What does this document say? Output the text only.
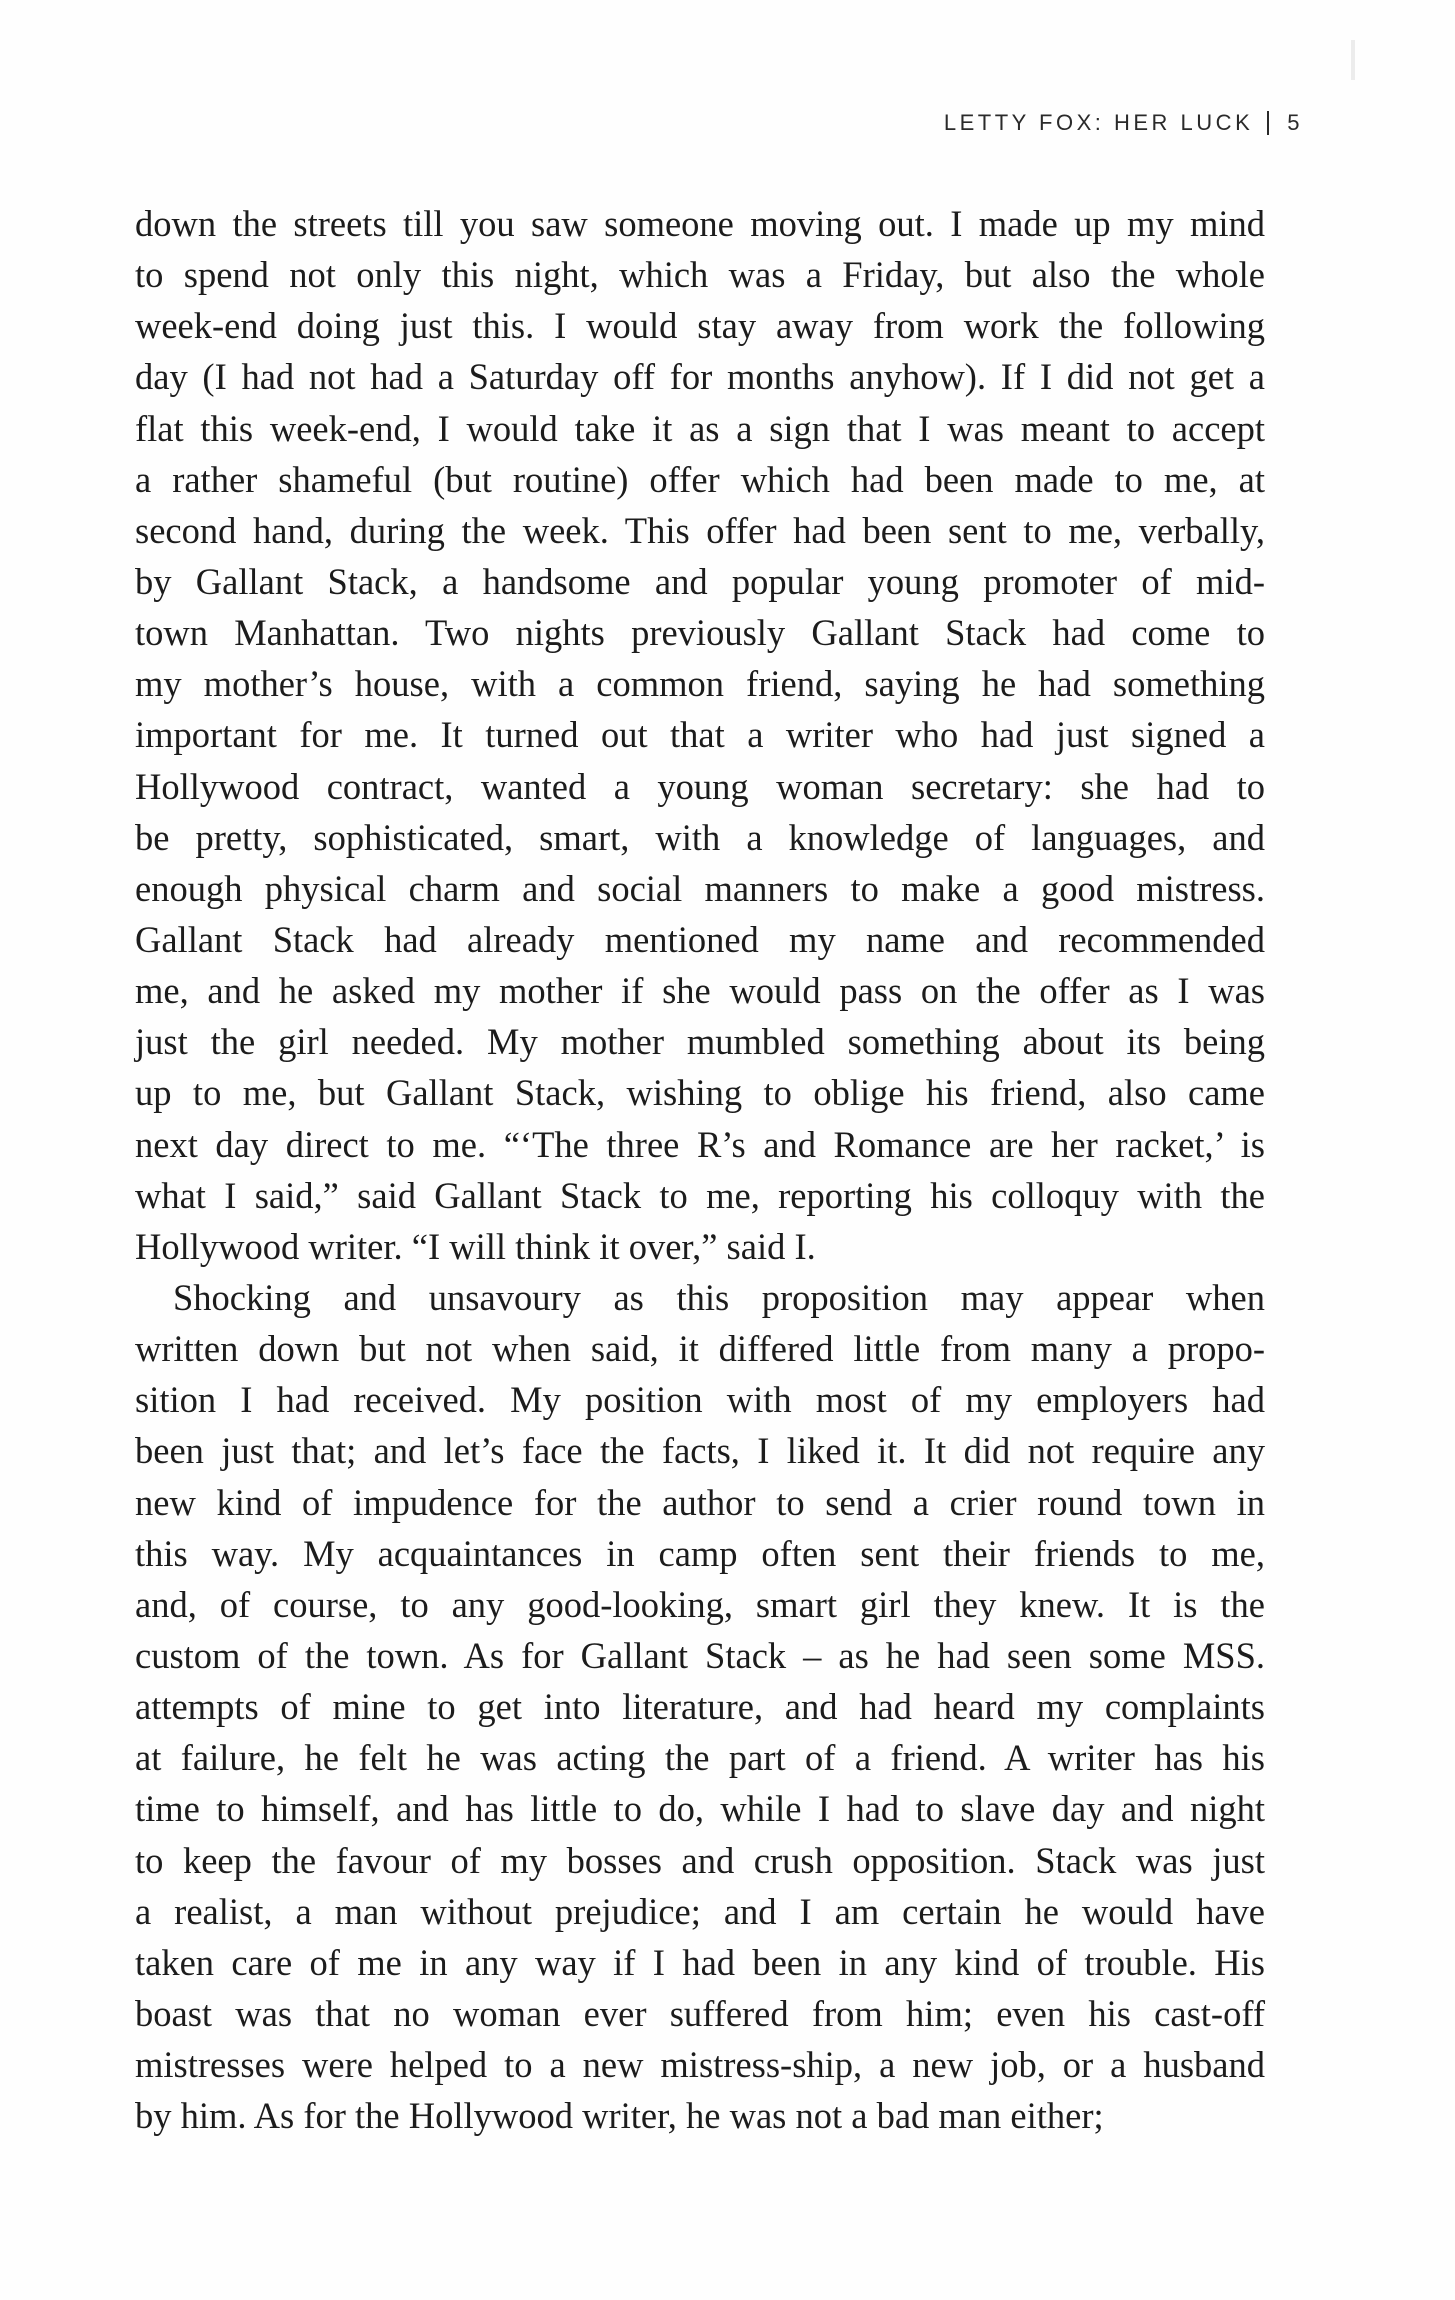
LETTY FOX: HER LUCK 5
down the streets till you saw someone moving out. I made up my mind
to spend not only this night, which was a Friday, but also the whole
week-end doing just this. I would stay away from work the following
day (I had not had a Saturday off for months anyhow). If I did not get a
flat this week-end, I would take it as a sign that I was meant to accept
a rather shameful (but routine) offer which had been made to me, at
second hand, during the week. This offer had been sent to me, verbally,
by Gallant Stack, a handsome and popular young promoter of mid-
town Manhattan. Two nights previously Gallant Stack had come to
my mother’s house, with a common friend, saying he had something
important for me. It turned out that a writer who had just signed a
Hollywood contract, wanted a young woman secretary: she had to
be pretty, sophisticated, smart, with a knowledge of languages, and
enough physical charm and social manners to make a good mistress.
Gallant Stack had already mentioned my name and recommended
me, and he asked my mother if she would pass on the offer as I was
just the girl needed. My mother mumbled something about its being
up to me, but Gallant Stack, wishing to oblige his friend, also came
next day direct to me. “‘The three R’s and Romance are her racket,’ is
what I said,” said Gallant Stack to me, reporting his colloquy with the
Hollywood writer. “I will think it over,” said I.
Shocking and unsavoury as this proposition may appear when
written down but not when said, it differed little from many a propo-
sition I had received. My position with most of my employers had
been just that; and let’s face the facts, I liked it. It did not require any
new kind of impudence for the author to send a crier round town in
this way. My acquaintances in camp often sent their friends to me,
and, of course, to any good-looking, smart girl they knew. It is the
custom of the town. As for Gallant Stack – as he had seen some MSS.
attempts of mine to get into literature, and had heard my complaints
at failure, he felt he was acting the part of a friend. A writer has his
time to himself, and has little to do, while I had to slave day and night
to keep the favour of my bosses and crush opposition. Stack was just
a realist, a man without prejudice; and I am certain he would have
taken care of me in any way if I had been in any kind of trouble. His
boast was that no woman ever suffered from him; even his cast-off
mistresses were helped to a new mistress-ship, a new job, or a husband
by him. As for the Hollywood writer, he was not a bad man either;
